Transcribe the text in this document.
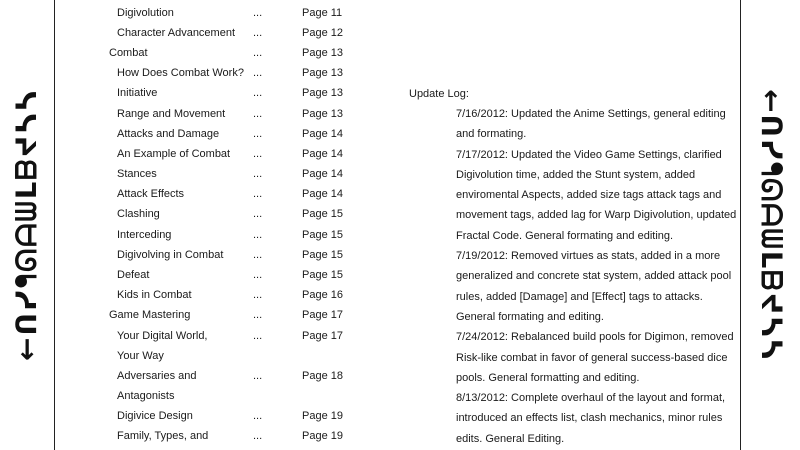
←ᑎᓯᖳᘏᗩᗯᒪᗷᔪᓴᓴ	←ᑎᓯᖳᘏᗩᗯᒪᗷᔪᓴᓴ
Digivolution	...	Page 11
Character Advancement ...	Page 12
Combat	...	Page 13
How Does Combat Work? ...	Page 13
Initiative	...	Page 13
Range and Movement	...	Page 13
Attacks and Damage	...	Page 14
An Example of Combat ...	Page 14
Stances	...	Page 14
Attack Effects	...	Page 14
Clashing	...	Page 15
Interceding	...	Page 15
Digivolving in Combat	...	Page 15
Defeat	...	Page 15
Kids in Combat	...	Page 16
Game Mastering	...	Page 17
Your Digital World,	...	Page 17
Your Way
Adversaries and	...	Page 18
Antagonists
Digivice Design	...	Page 19
Family, Types, and	...	Page 19
Update Log:
7/16/2012: Updated the Anime Settings, general editing and formating.
7/17/2012: Updated the Video Game Settings, clarified Digivolution time, added the Stunt system, added enviromental Aspects, added size tags attack tags and movement tags, added lag for Warp Digivolution, updated Fractal Code. General formating and editing.
7/19/2012: Removed virtues as stats, added in a more generalized and concrete stat system, added attack pool rules, added [Damage] and [Effect] tags to attacks. General formating and editing.
7/24/2012: Rebalanced build pools for Digimon, removed Risk-like combat in favor of general success-based dice pools. General formatting and editing.
8/13/2012: Complete overhaul of the layout and format, introduced an effects list, clash mechanics, minor rules edits. General Editing.
